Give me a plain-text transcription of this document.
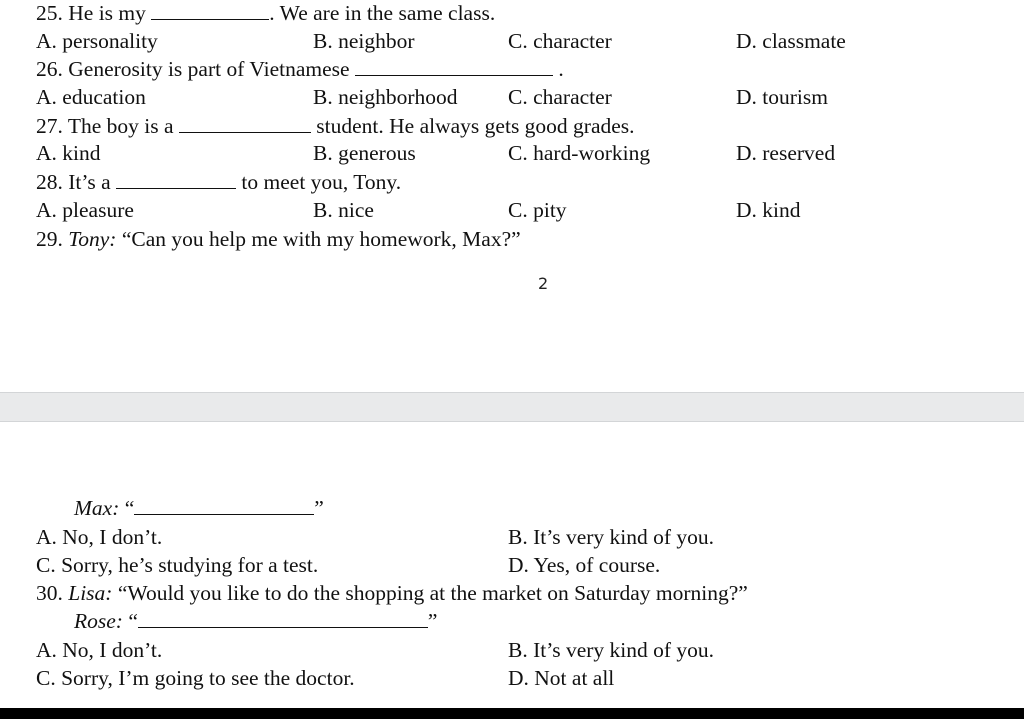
25. He is my	. We are in the same class.
A. personality	B. neighbor	C. character	D. classmate
26. Generosity is part of Vietnamese	.
A. education	B. neighborhood C. character	D. tourism
27. The boy is a	student. He always gets good grades.
A. kind	B. generous	C. hard-working	D. reserved
28. It’s a	to meet you, Tony.
A. pleasure	B. nice	C. pity	D. kind
29. Tony: “Can you help me with my homework, Max?”
2
Max: “	”
A. No, I don’t.	B. It’s very kind of you.
C. Sorry, he’s studying for a test.	D. Yes, of course.
30. Lisa: “Would you like to do the shopping at the market on Saturday morning?”
Rose: “	”
A. No, I don’t.	B. It’s very kind of you.
C. Sorry, I’m going to see the doctor.	D. Not at all
